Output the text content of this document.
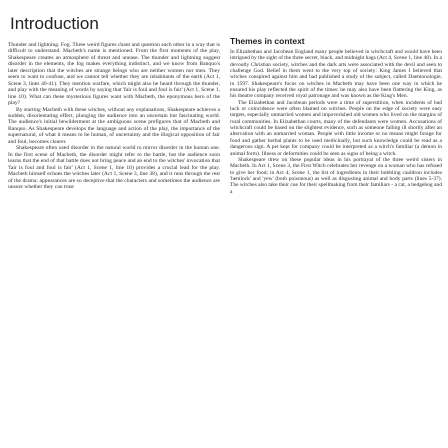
Introduction

Thunder and lightning. Fog. Three weird figures chant and question each other in a way that is difficult to understand. Macbeth's name is mentioned. From the first moments of the play, Shakespeare creates an atmosphere of threat and unease. The thunder and lightning suggest disorder in the elements, the fog makes everything indistinct, and we know from Banquo's later description that the witches are strange beings who are neither women nor men. They seem to want to confuse, and we cannot tell whether they are inhabitants of the earth (Act 1, Scene 3, lines 40-41). They mention warfare, which might also be heard through the thunder, and play with the meaning of words by saying that 'fair is foul and foul is fair' (Act 1, Scene 1, line 10). What can these mysterious figures want with Macbeth, the eponymous hero of the play?

By starting Macbeth with these witches, without any explanations, Shakespeare achieves a sudden, disorientating effect, plunging the audience into an uncertain but fascinating world. The audience's initial bewilderment at the ambiguous scene prefigures that of Macbeth and Banquo. As Shakespeare develops the language and action of the play, the importance of the supernatural, of what it means to be human, of uncertainty and the illogical opposition of fair and foul, becomes clearer.

Shakespeare often used disorder in the natural world to mirror disorder in the human one. In the first scene of Macbeth, the disorder might refer to the battle, but the audience soon learns that the end of that battle does not bring peace and an end to the witches' invocation that 'fair is foul and foul is fair' (Act 1, Scene 1, line 10) provides a crucial lead for the play. Macbeth himself echoes the witches later (Act 1, Scene 3, line 38), and it runs through the rest of the drama: appearances are so deceptive that the characters and sometimes the audience are unsure whether they can trust

Themes in context

In Elizabethan and Jacobean England many people believed in witchcraft and would have been intrigued by the sight of the three secret, black, and midnight hags (Act 4, Scene 1, line 48). In a devoutly Christian society, witches and the dark arts were associated with the devil and seen to challenge God. Belief in them went to the very top of society: King James I believed that witches conspired against him and had published a study of the subject, called Daemonologie, in 1597. Shakespeare's focus on witches in Macbeth may have been one way in which he ensured his play reflected the spirit of the times: he may also have been flattering the King, as his theatre company received royal patronage and was known as the King's Men.

The Elizabethan and Jacobean periods were a time of superstition, when incidents of bad luck or coincidence were often blamed on witches. People on the edge of society were easy targets, especially unmarried women and impoverished old women who lived on the margins of rural communities. In Elizabethan courts, many of the defendants were women. Accusations of witchcraft could be based on the slightest evidence, such as someone falling ill shortly after an altercation with an unmarried woman. People with little income or no means might forage for food and gather herbal plants to be used medicinally, but such knowledge could be read as a dangerous sign. A pet kept for company could be interpreted as a witch's familiar (a demon in animal form). Illness or deformities could be seen as signs of being a witch.

Shakespeare drew on these popular ideas in his portrayal of the three weird sisters in Macbeth. In Act 1, Scene 3, the First Witch celebrates her revenge on a woman who has refused to give her food; in Act 4, Scene 1, the list of ingredients in their bubbling cauldron includes 'hemlock' and 'yew' (both poisonous) as well as disgusting animal and body parts (lines 5-37). The witches also take their cue for their spellmaking from their familiars - a cat, a hedgehog and a
